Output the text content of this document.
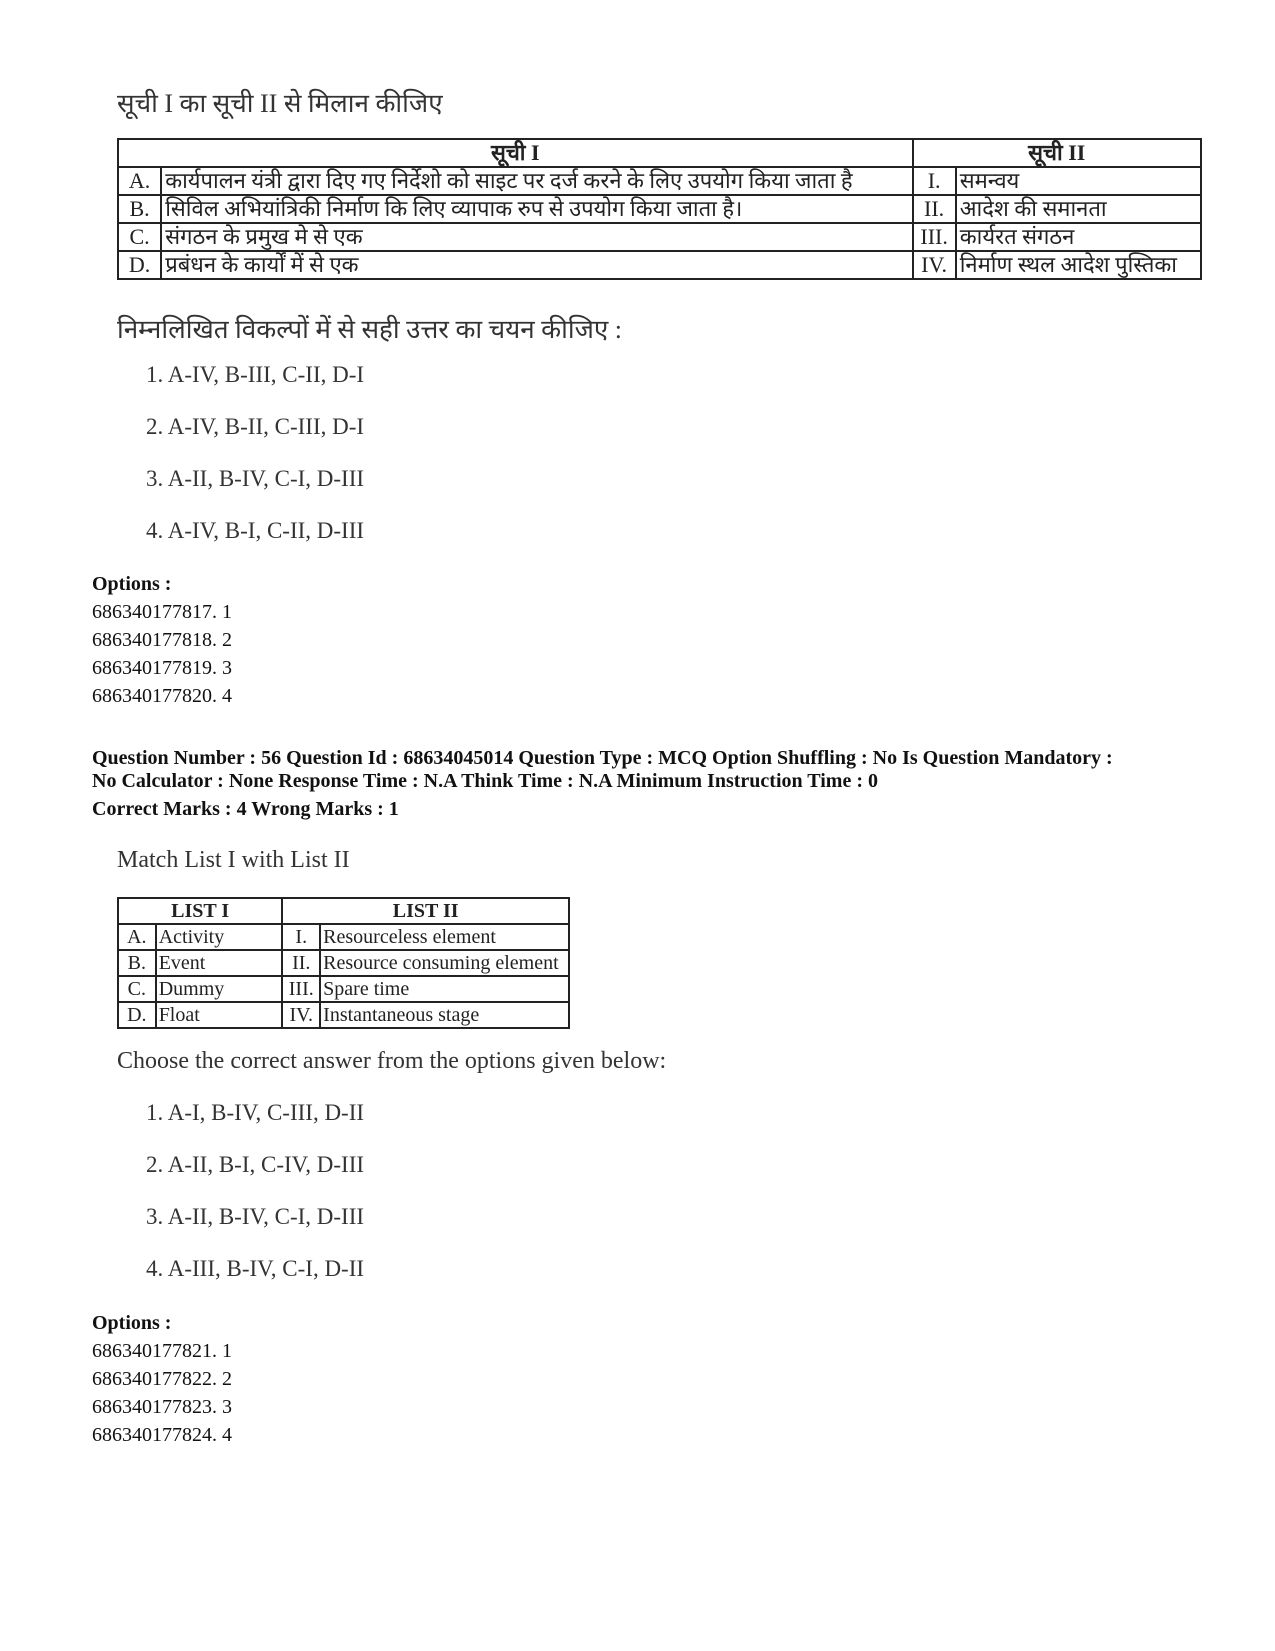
सूची I का सूची II से मिलान कीजिए
सूची I		सूची II	
A.	कार्यपालन यंत्री द्वारा दिए गए निर्देशो को साइट पर दर्ज करने के लिए उपयोग किया जाता है	I.	समन्वय
B.	सिविल अभियांत्रिकी निर्माण कि लिए व्यापाक रुप से उपयोग किया जाता है।	II.	आदेश की समानता
C.	संगठन के प्रमुख मे से एक	III.	कार्यरत संगठन
D.	प्रबंधन के कार्यों में से एक	IV.	निर्माण स्थल आदेश पुस्तिका
निम्नलिखित विकल्पों में से सही उत्तर का चयन कीजिए :
1. A-IV, B-III, C-II, D-I
2. A-IV, B-II, C-III, D-I
3. A-II, B-IV, C-I, D-III
4. A-IV, B-I, C-II, D-III
Options :
686340177817. 1
686340177818. 2
686340177819. 3
686340177820. 4
Question Number : 56 Question Id : 68634045014 Question Type : MCQ Option Shuffling : No Is Question Mandatory :
No Calculator : None Response Time : N.A Think Time : N.A Minimum Instruction Time : 0
Correct Marks : 4 Wrong Marks : 1
Match List I with List II
LIST I		LIST II	
A.	Activity	I.	Resourceless element
B.	Event	II.	Resource consuming element
C.	Dummy	III.	Spare time
D.	Float	IV.	Instantaneous stage
Choose the correct answer from the options given below:
1. A-I, B-IV, C-III, D-II
2. A-II, B-I, C-IV, D-III
3. A-II, B-IV, C-I, D-III
4. A-III, B-IV, C-I, D-II
Options :
686340177821. 1
686340177822. 2
686340177823. 3
686340177824. 4
